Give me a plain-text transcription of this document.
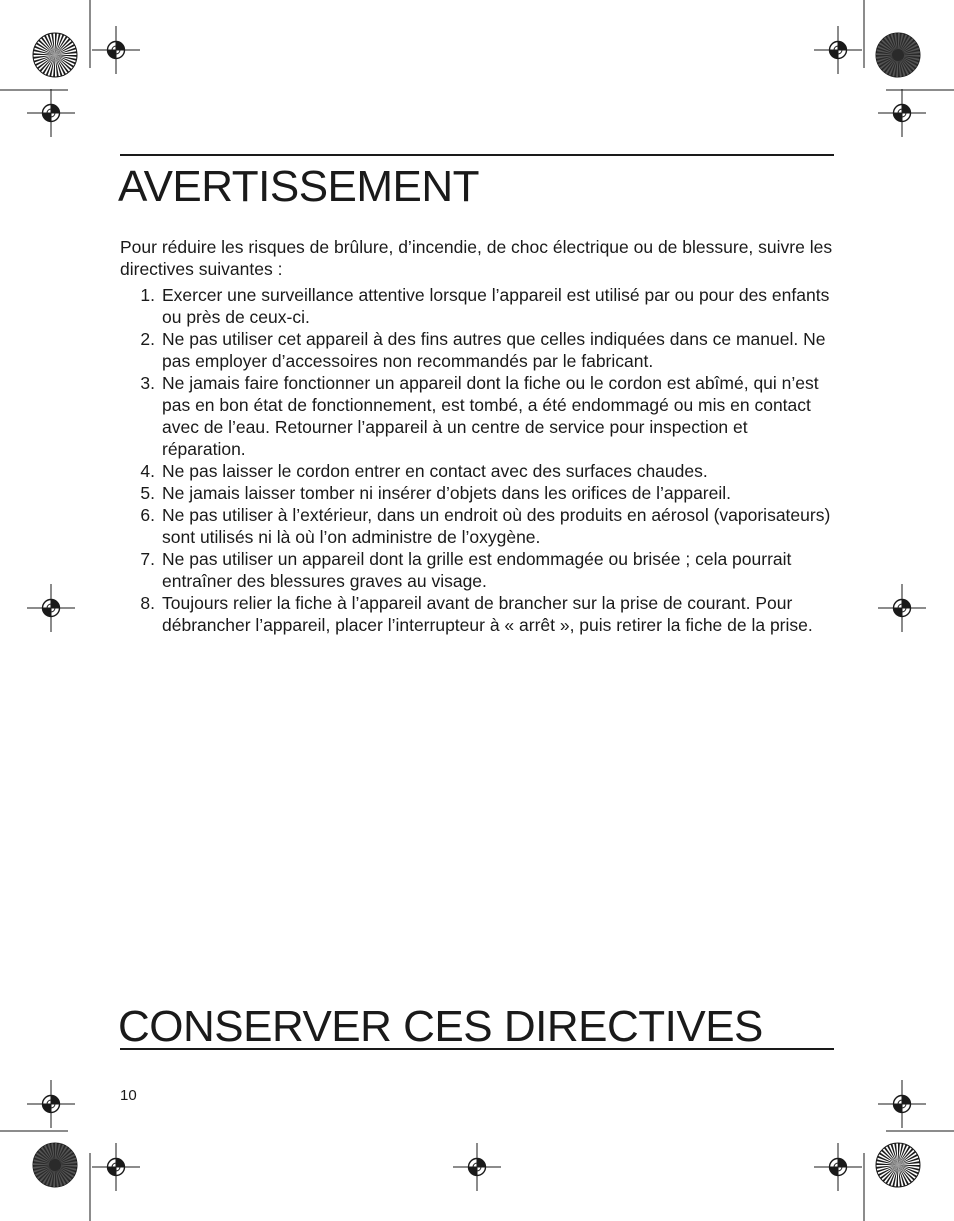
AVERTISSEMENT

Pour réduire les risques de brûlure, d’incendie, de choc électrique ou de blessure, suivre les directives suivantes :

1. Exercer une surveillance attentive lorsque l’appareil est utilisé par ou pour des enfants ou près de ceux-ci.
2. Ne pas utiliser cet appareil à des fins autres que celles indiquées dans ce manuel. Ne pas employer d’accessoires non recommandés par le fabricant.
3. Ne jamais faire fonctionner un appareil dont la fiche ou le cordon est abîmé, qui n’est pas en bon état de fonctionnement, est tombé, a été endommagé ou mis en contact avec de l’eau. Retourner l’appareil à un centre de service pour inspection et réparation.
4. Ne pas laisser le cordon entrer en contact avec des surfaces chaudes.
5. Ne jamais laisser tomber ni insérer d’objets dans les orifices de l’appareil.
6. Ne pas utiliser à l’extérieur, dans un endroit où des produits en aérosol (vaporisateurs) sont utilisés ni là où l’on administre de l’oxygène.
7. Ne pas utiliser un appareil dont la grille est endommagée ou brisée ; cela pourrait entraîner des blessures graves au visage.
8. Toujours relier la fiche à l’appareil avant de brancher sur la prise de courant. Pour débrancher l’appareil, placer l’interrupteur à « arrêt », puis retirer la fiche de la prise.
CONSERVER CES DIRECTIVES
10
